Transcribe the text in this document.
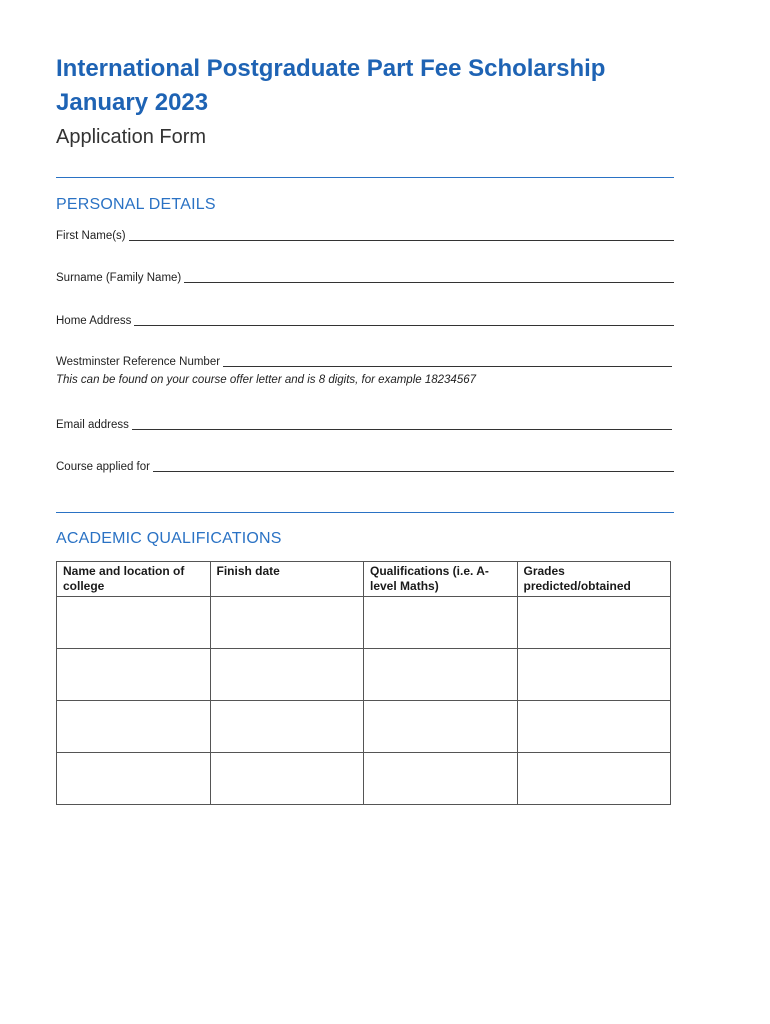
International Postgraduate Part Fee Scholarship January 2023
Application Form
PERSONAL DETAILS
First Name(s)
Surname (Family Name)
Home Address
Westminster Reference Number
This can be found on your course offer letter and is 8 digits, for example 18234567
Email address
Course applied for
ACADEMIC QUALIFICATIONS
Name and location of college	Finish date	Qualifications (i.e. A-level Maths)	Grades predicted/obtained
